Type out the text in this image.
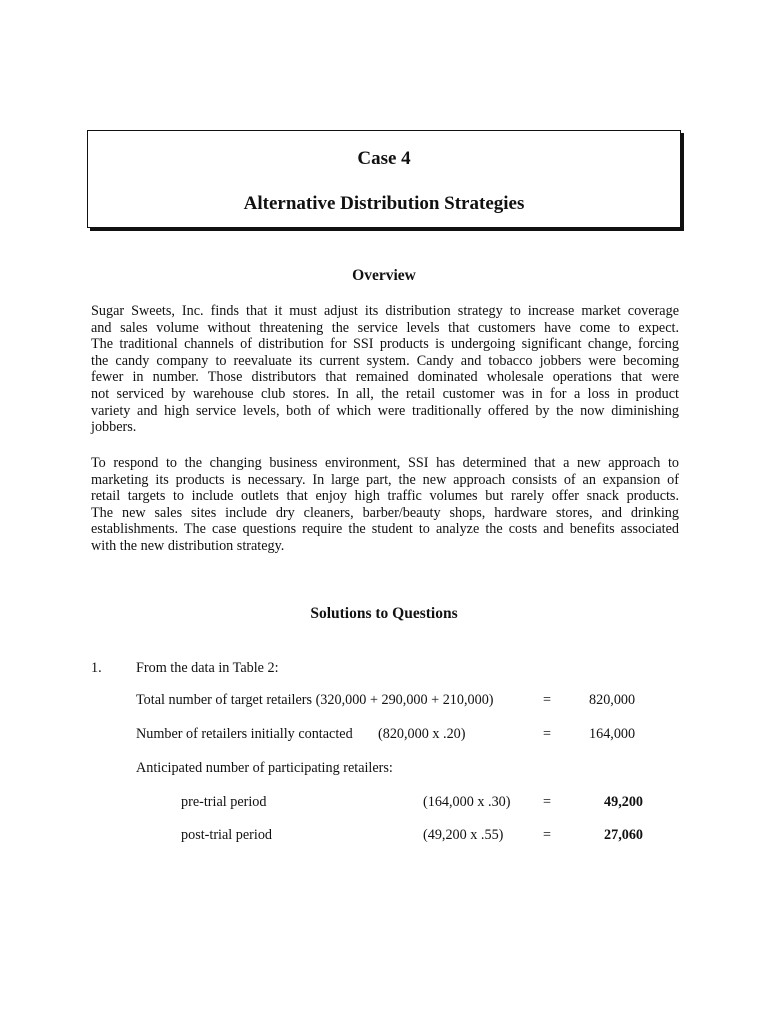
Case 4
Alternative Distribution Strategies
Overview
Sugar Sweets, Inc. finds that it must adjust its distribution strategy to increase market coverage
and sales volume without threatening the service levels that customers have come to expect.
The traditional channels of distribution for SSI products is undergoing significant change, forcing
the candy company to reevaluate its current system. Candy and tobacco jobbers were becoming
fewer in number. Those distributors that remained dominated wholesale operations that were
not serviced by warehouse club stores. In all, the retail customer was in for a loss in product
variety and high service levels, both of which were traditionally offered by the now diminishing
jobbers.
To respond to the changing business environment, SSI has determined that a new approach to
marketing its products is necessary. In large part, the new approach consists of an expansion of
retail targets to include outlets that enjoy high traffic volumes but rarely offer snack products.
The new sales sites include dry cleaners, barber/beauty shops, hardware stores, and drinking
establishments. The case questions require the student to analyze the costs and benefits associated
with the new distribution strategy.
Solutions to Questions
1. From the data in Table 2:
Total number of target retailers (320,000 + 290,000 + 210,000)	=	820,000
Number of retailers initially contacted (820,000 x .20)	=	164,000
Anticipated number of participating retailers:
pre-trial period	(164,000 x .30) =	49,200
post-trial period	(49,200 x .55)	=	27,060
